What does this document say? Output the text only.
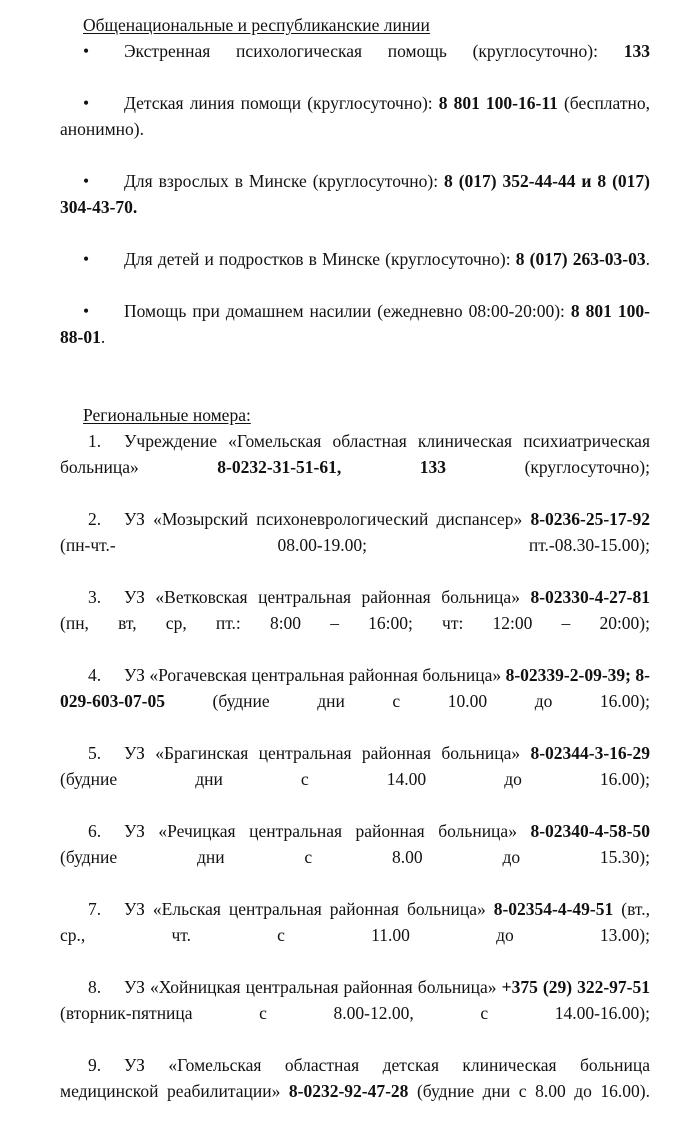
Общенациональные и республиканские линии
• Экстренная психологическая помощь (круглосуточно): 133
• Детская линия помощи (круглосуточно): 8 801 100-16-11 (бесплатно, анонимно).
• Для взрослых в Минске (круглосуточно): 8 (017) 352-44-44 и 8 (017) 304-43-70.
• Для детей и подростков в Минске (круглосуточно): 8 (017) 263-03-03.
• Помощь при домашнем насилии (ежедневно 08:00-20:00): 8 801 100-88-01.
Региональные номера:
1. Учреждение «Гомельская областная клиническая психиатрическая больница» 8-0232-31-51-61, 133 (круглосуточно);
2. УЗ «Мозырский психоневрологический диспансер» 8-0236-25-17-92 (пн-чт.- 08.00-19.00; пт.-08.30-15.00);
3. УЗ «Ветковская центральная районная больница» 8-02330-4-27-81 (пн, вт, ср, пт.: 8:00 – 16:00; чт: 12:00 – 20:00);
4. УЗ «Рогачевская центральная районная больница» 8-02339-2-09-39; 8-029-603-07-05 (будние дни с 10.00 до 16.00);
5. УЗ «Брагинская центральная районная больница» 8-02344-3-16-29 (будние дни с 14.00 до 16.00);
6. УЗ «Речицкая центральная районная больница» 8-02340-4-58-50 (будние дни с 8.00 до 15.30);
7. УЗ «Ельская центральная районная больница» 8-02354-4-49-51 (вт., ср., чт. с 11.00 до 13.00);
8. УЗ «Хойницкая центральная районная больница» +375 (29) 322-97-51 (вторник-пятница с 8.00-12.00, с 14.00-16.00);
9. УЗ «Гомельская областная детская клиническая больница медицинской реабилитации» 8-0232-92-47-28 (будние дни с 8.00 до 16.00).
